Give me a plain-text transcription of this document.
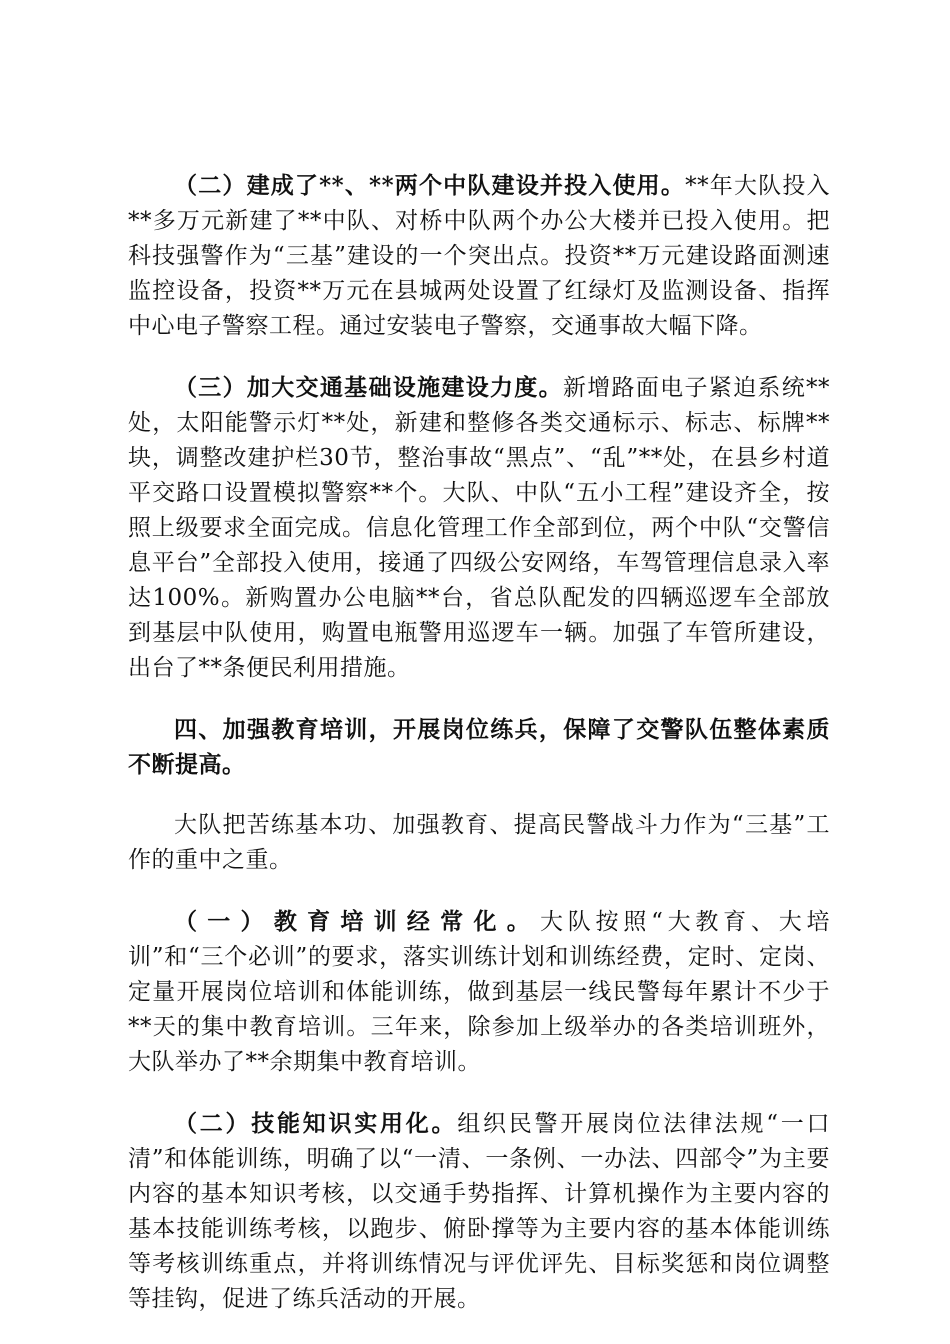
（二）建成了**、**两个中队建设并投入使用。**年大队投入**多万元新建了**中队、对桥中队两个办公大楼并已投入使用。把科技强警作为“三基”建设的一个突出点。投资**万元建设路面测速监控设备，投资**万元在县城两处设置了红绿灯及监测设备、指挥中心电子警察工程。通过安装电子警察，交通事故大幅下降。

（三）加大交通基础设施建设力度。新增路面电子紧迫系统**处，太阳能警示灯**处，新建和整修各类交通标示、标志、标牌**块，调整改建护栏30节，整治事故“黑点”、“乱”**处，在县乡村道平交路口设置模拟警察**个。大队、中队“五小工程”建设齐全，按照上级要求全面完成。信息化管理工作全部到位，两个中队“交警信息平台”全部投入使用，接通了四级公安网络，车驾管理信息录入率达100%。新购置办公电脑**台，省总队配发的四辆巡逻车全部放到基层中队使用，购置电瓶警用巡逻车一辆。加强了车管所建设，出台了**条便民利用措施。

四、加强教育培训，开展岗位练兵，保障了交警队伍整体素质不断提高。

大队把苦练基本功、加强教育、提高民警战斗力作为“三基”工作的重中之重。

（一）教育培训经常化。大队按照“大教育、大培训”和“三个必训”的要求，落实训练计划和训练经费，定时、定岗、定量开展岗位培训和体能训练，做到基层一线民警每年累计不少于**天的集中教育培训。三年来，除参加上级举办的各类培训班外，大队举办了**余期集中教育培训。

（二）技能知识实用化。组织民警开展岗位法律法规“一口清”和体能训练，明确了以“一清、一条例、一办法、四部令”为主要内容的基本知识考核，以交通手势指挥、计算机操作为主要内容的基本技能训练考核，以跑步、俯卧撑等为主要内容的基本体能训练等考核训练重点，并将训练情况与评优评先、目标奖惩和岗位调整等挂钩，促进了练兵活动的开展。
